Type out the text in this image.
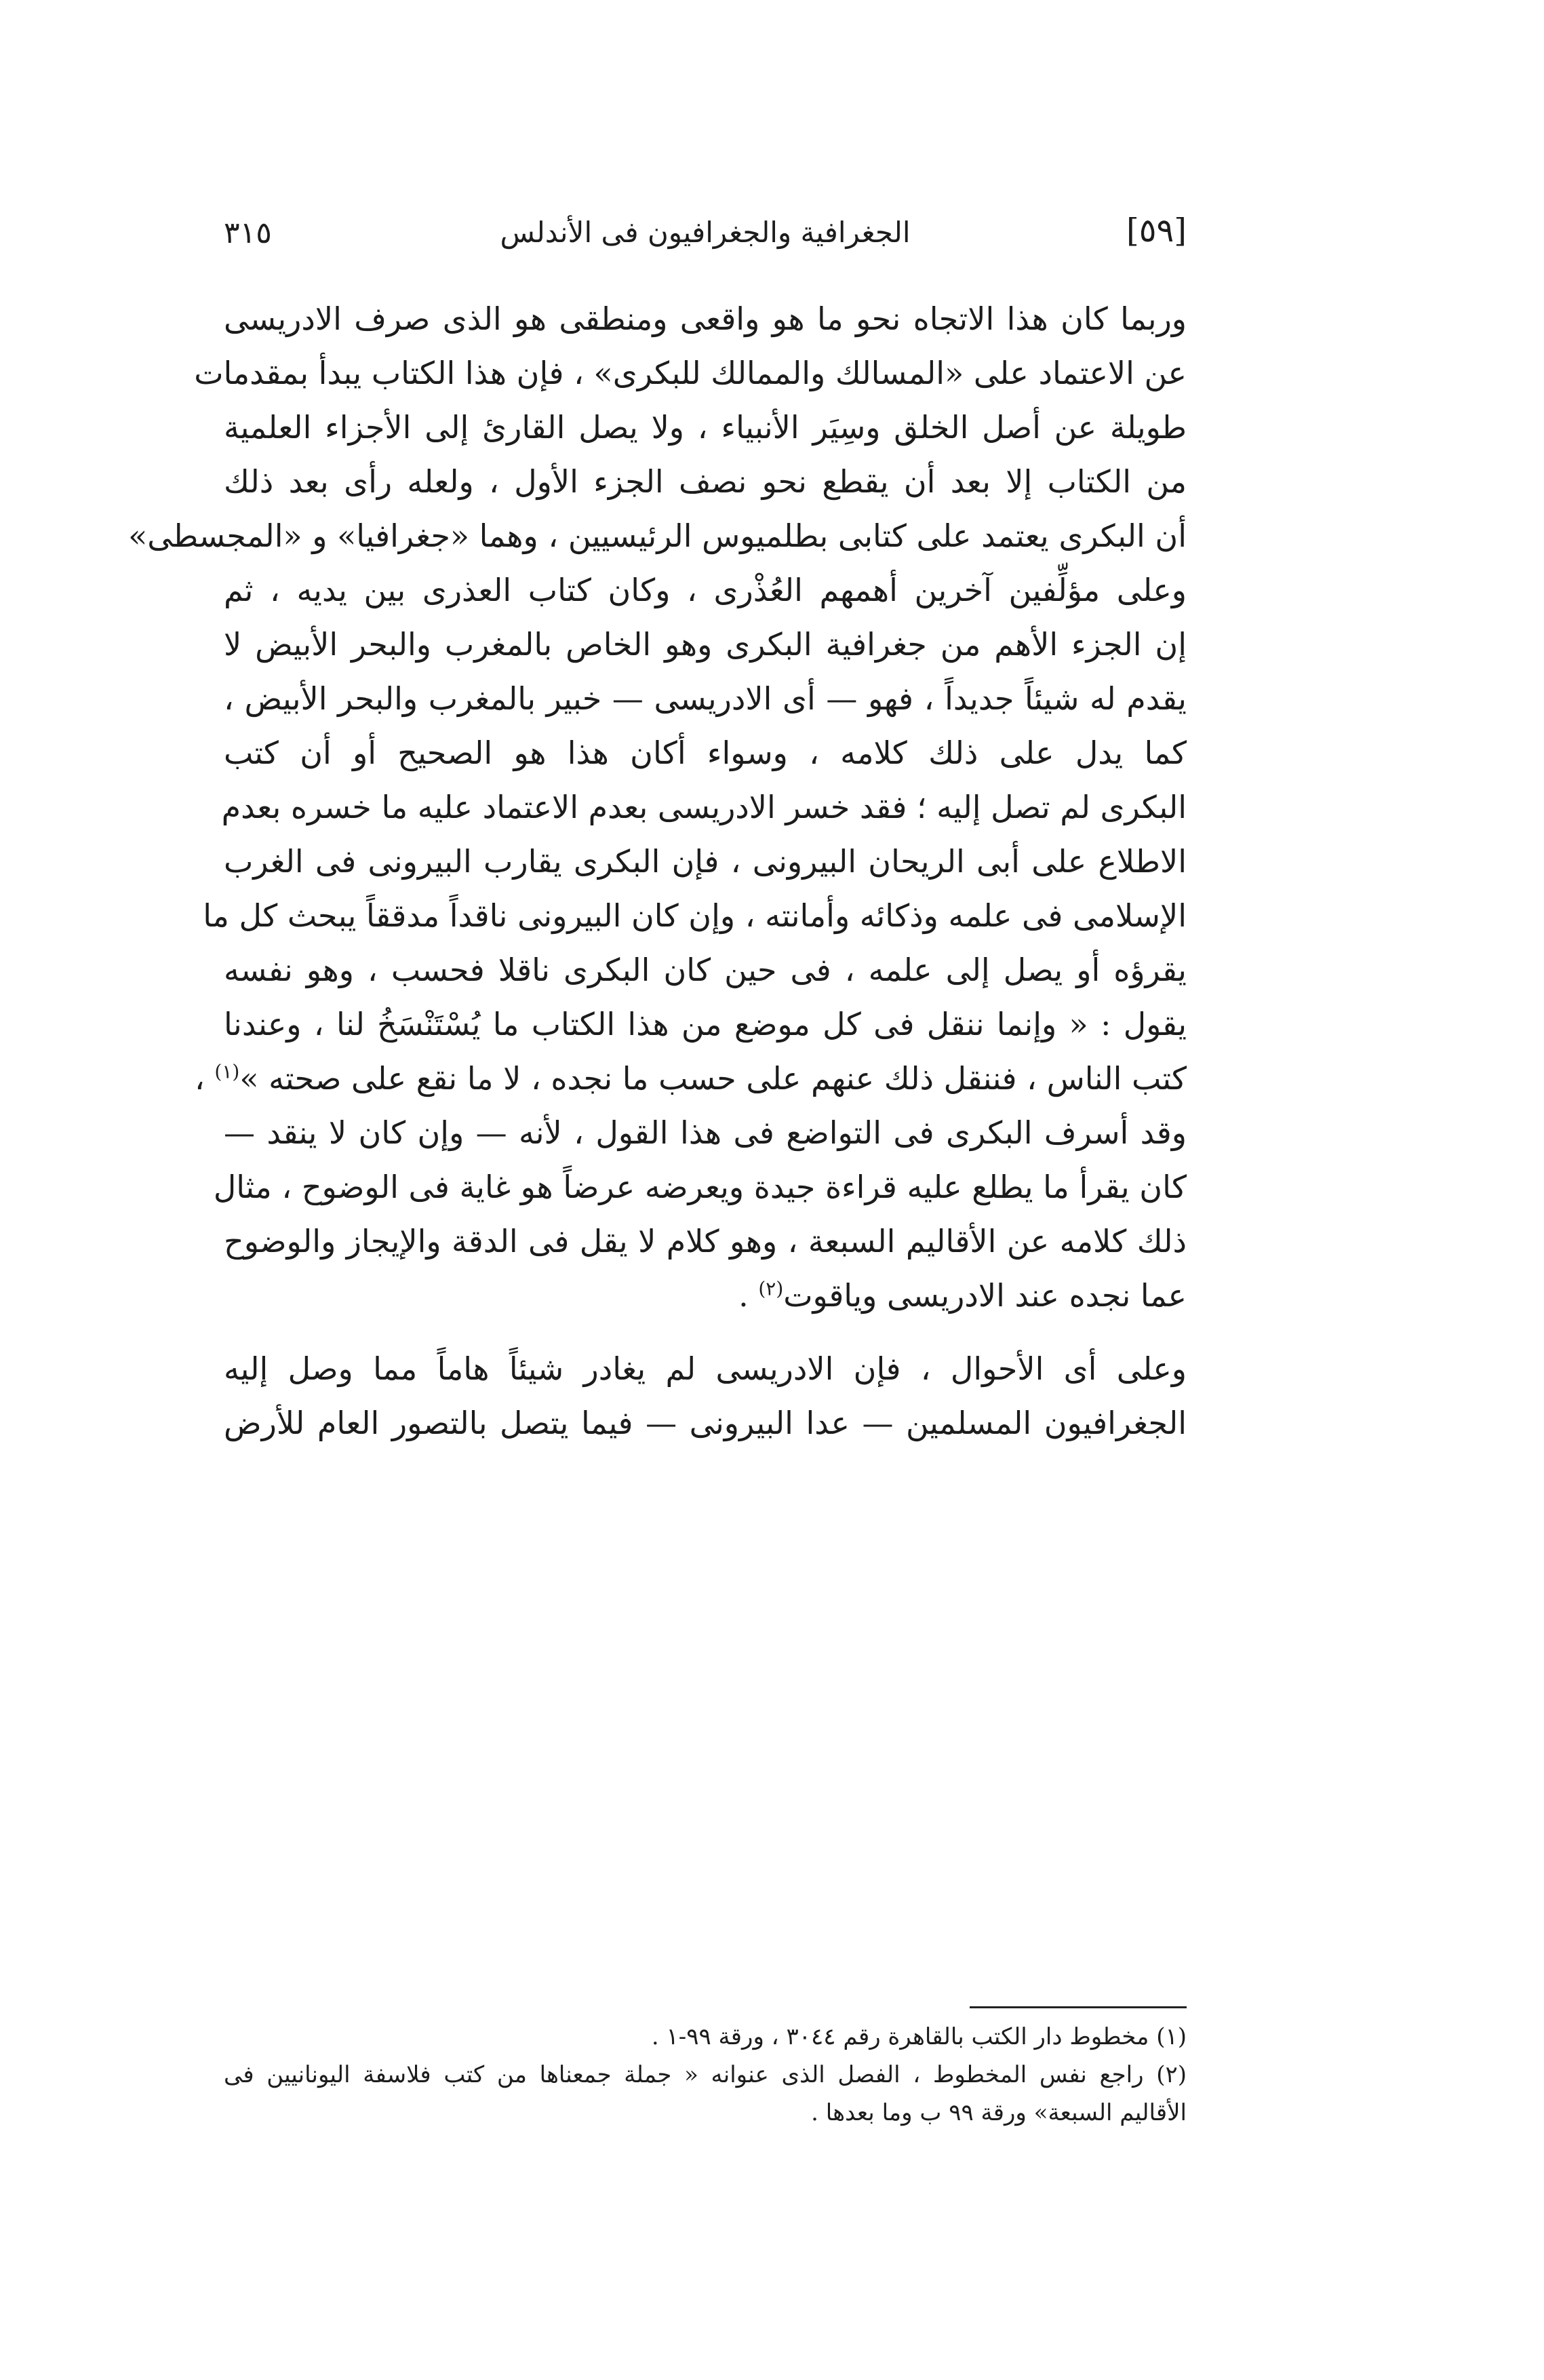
٣١٥	الجغرافية والجغرافيون فى الأندلس	[٥٩]
وربما كان هذا الاتجاه نحو ما هو واقعى ومنطقى هو الذى صرف الادريسى
عن الاعتماد على «المسالك والممالك للبكرى» ، فإن هذا الكتاب يبدأ بمقدمات
طويلة عن أصل الخلق وسِيَر الأنبياء ، ولا يصل القارئ إلى الأجزاء العلمية
من الكتاب إلا بعد أن يقطع نحو نصف الجزء الأول ، ولعله رأى بعد ذلك
أن البكرى يعتمد على كتابى بطلميوس الرئيسيين ، وهما «جغرافيا» و «المجسطى»
وعلى مؤلِّفين آخرين أهمهم العُذْرى ، وكان كتاب العذرى بين يديه ، ثم
إن الجزء الأهم من جغرافية البكرى وهو الخاص بالمغرب والبحر الأبيض لا
يقدم له شيئاً جديداً ، فهو — أى الادريسى — خبير بالمغرب والبحر الأبيض ،
كما يدل على ذلك كلامه ، وسواء أكان هذا هو الصحيح أو أن كتب
البكرى لم تصل إليه ؛ فقد خسر الادريسى بعدم الاعتماد عليه ما خسره بعدم
الاطلاع على أبى الريحان البيرونى ، فإن البكرى يقارب البيرونى فى الغرب
الإسلامى فى علمه وذكائه وأمانته ، وإن كان البيرونى ناقداً مدققاً يبحث كل ما
يقرؤه أو يصل إلى علمه ، فى حين كان البكرى ناقلا فحسب ، وهو نفسه
يقول : « وإنما ننقل فى كل موضع من هذا الكتاب ما يُسْتَنْسَخُ لنا ، وعندنا
كتب الناس ، فننقل ذلك عنهم على حسب ما نجده ، لا ما نقع على صحته »$^{(١)}$ ،
وقد أسرف البكرى فى التواضع فى هذا القول ، لأنه — وإن كان لا ينقد —
كان يقرأ ما يطلع عليه قراءة جيدة ويعرضه عرضاً هو غاية فى الوضوح ، مثال
ذلك كلامه عن الأقاليم السبعة ، وهو كلام لا يقل فى الدقة والإيجاز والوضوح
عما نجده عند الادريسى وياقوت$^{(٢)}$ .
وعلى أى الأحوال ، فإن الادريسى لم يغادر شيئاً هاماً مما وصل إليه
الجغرافيون المسلمين — عدا البيرونى — فيما يتصل بالتصور العام للأرض
(١) مخطوط دار الكتب بالقاهرة رقم ٣٠٤٤ ، ورقة ٩٩-١ .
(٢) راجع نفس المخطوط ، الفصل الذى عنوانه « جملة جمعناها من كتب فلاسفة اليونانيين فى
الأقاليم السبعة» ورقة ٩٩ ب وما بعدها .
